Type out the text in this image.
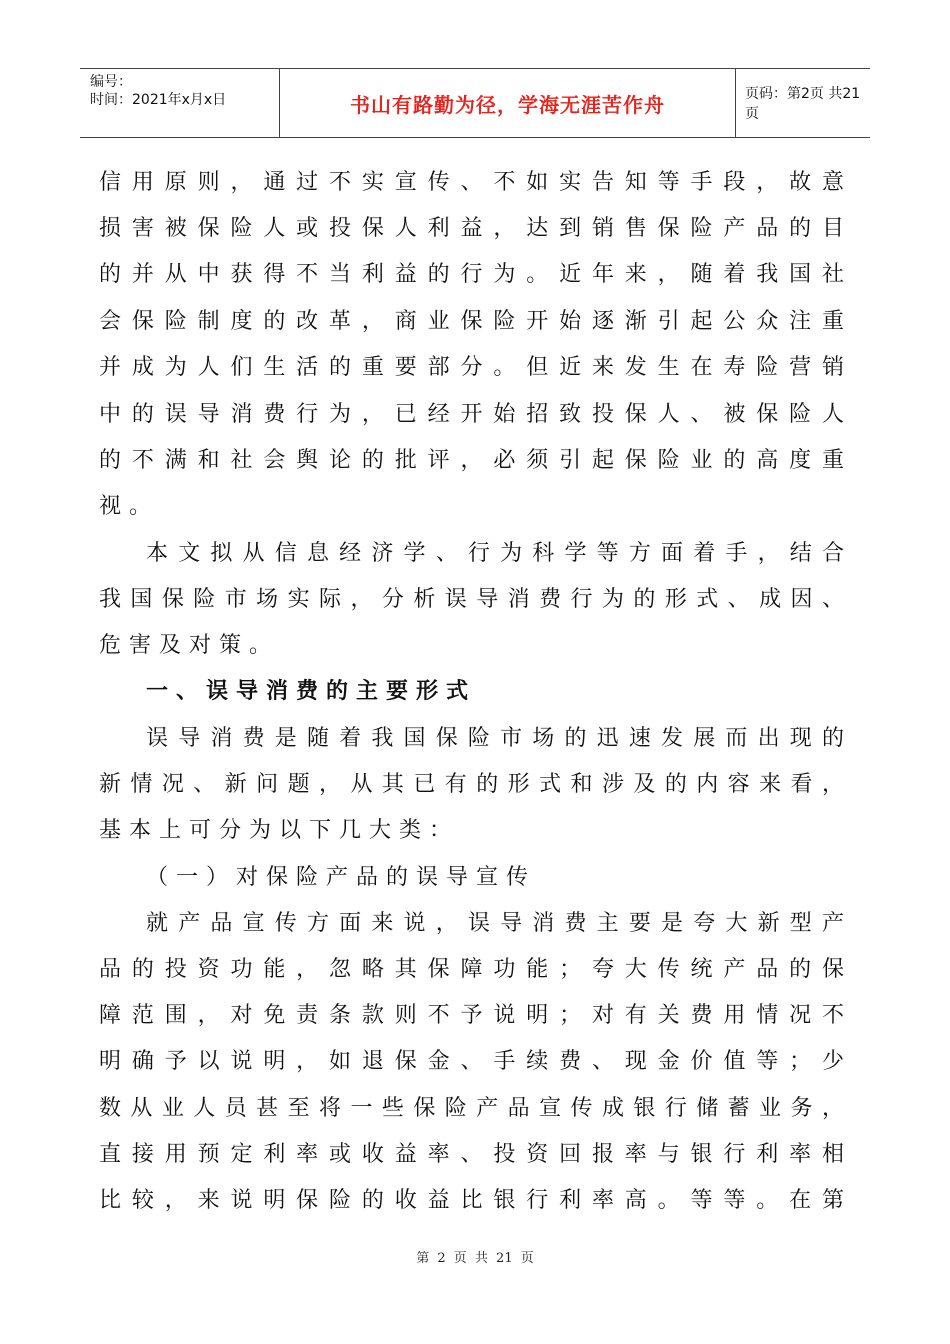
编号：
时间：2021年x月x日	书山有路勤为径，学海无涯苦作舟	页码：第2页 共21页
信用原则，通过不实宣传、不如实告知等手段，故意
损害被保险人或投保人利益，达到销售保险产品的目
的并从中获得不当利益的行为。近年来，随着我国社
会保险制度的改革，商业保险开始逐渐引起公众注重
并成为人们生活的重要部分。但近来发生在寿险营销
中的误导消费行为，已经开始招致投保人、被保险人
的不满和社会舆论的批评，必须引起保险业的高度重
视。
本文拟从信息经济学、行为科学等方面着手，结合
我国保险市场实际，分析误导消费行为的形式、成因、
危害及对策。
一、误导消费的主要形式
误导消费是随着我国保险市场的迅速发展而出现的
新情况、新问题，从其已有的形式和涉及的内容来看，
基本上可分为以下几大类：
（一）对保险产品的误导宣传
就产品宣传方面来说，误导消费主要是夸大新型产
品的投资功能，忽略其保障功能；夸大传统产品的保
障范围，对免责条款则不予说明；对有关费用情况不
明确予以说明，如退保金、手续费、现金价值等；少
数从业人员甚至将一些保险产品宣传成银行储蓄业务，
直接用预定利率或收益率、投资回报率与银行利率相
比较，来说明保险的收益比银行利率高。等等。在第
第 2 页 共 21 页
